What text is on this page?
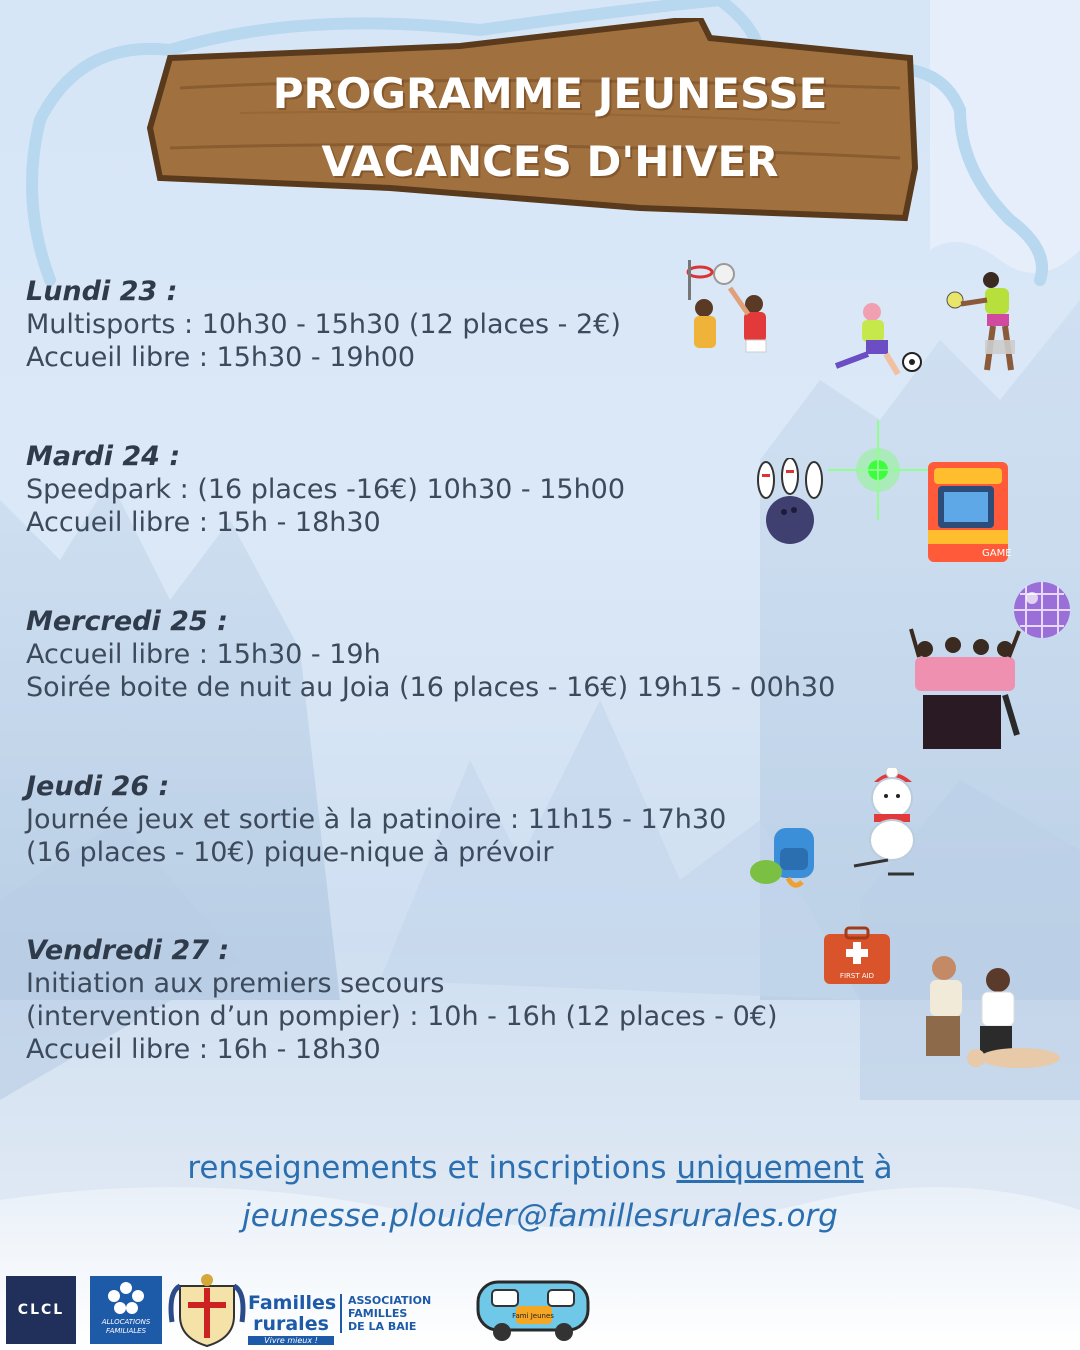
PROGRAMME JEUNESSE
VACANCES D'HIVER
Lundi 23 :
Multisports : 10h30 - 15h30 (12 places - 2€)
Accueil libre : 15h30 - 19h00
Mardi 24 :
Speedpark : (16 places -16€) 10h30 - 15h00
Accueil libre : 15h - 18h30
Mercredi 25 :
Accueil libre : 15h30 - 19h
Soirée boite de nuit au Joia (16 places - 16€) 19h15 - 00h30
Jeudi 26 :
Journée jeux et sortie à la patinoire : 11h15 - 17h30
(16 places - 10€) pique-nique à prévoir
Vendredi 27 :
Initiation aux premiers secours
(intervention d’un pompier) : 10h - 16h (12 places - 0€)
Accueil libre : 16h - 18h30
GAME
FIRST AID
renseignements et inscriptions uniquement à
jeunesse.plouider@famillesrurales.org
CLCL
ALLOCATIONS
FAMILIALES
Familles
rurales
Vivre mieux !
ASSOCIATION
FAMILLES
DE LA BAIE
Fami Jeunes
